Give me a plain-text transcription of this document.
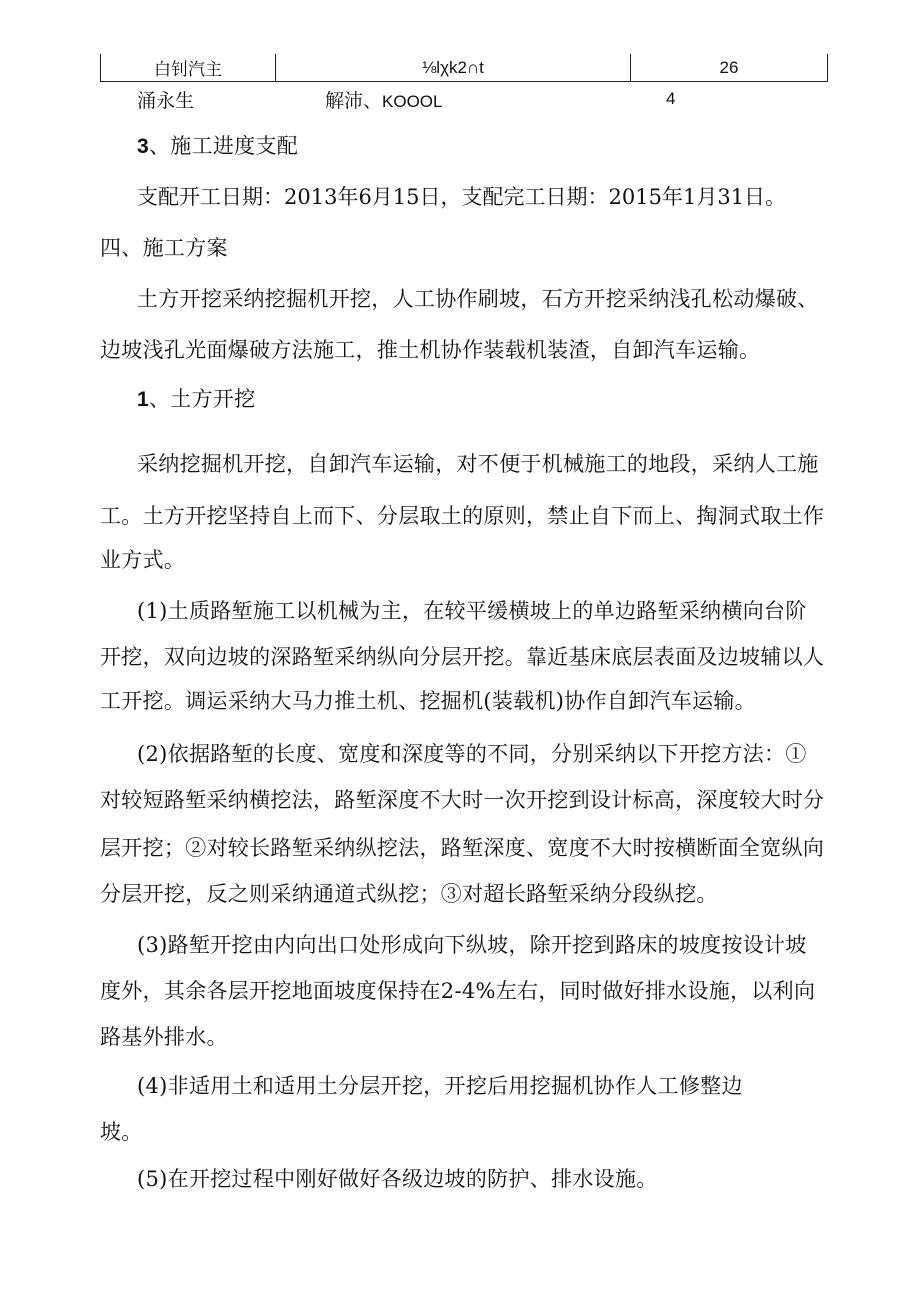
白钊汽主	⅛lχk2∩t	26
涌永生	解沛、KOOOL	4
3、施工进度支配
支配开工日期：2013年6月15日，支配完工日期：2015年1月31日。
四、施工方案
土方开挖采纳挖掘机开挖，人工协作刷坡，石方开挖采纳浅孔松动爆破、
边坡浅孔光面爆破方法施工，推土机协作装载机装渣，自卸汽车运输。
1、土方开挖
采纳挖掘机开挖，自卸汽车运输，对不便于机械施工的地段，采纳人工施
工。土方开挖坚持自上而下、分层取土的原则，禁止自下而上、掏洞式取土作
业方式。
(1)土质路堑施工以机械为主，在较平缓横坡上的单边路堑采纳横向台阶
开挖，双向边坡的深路堑采纳纵向分层开挖。靠近基床底层表面及边坡辅以人
工开挖。调运采纳大马力推土机、挖掘机(装载机)协作自卸汽车运输。
(2)依据路堑的长度、宽度和深度等的不同，分别采纳以下开挖方法：①
对较短路堑采纳横挖法，路堑深度不大时一次开挖到设计标高，深度较大时分
层开挖；②对较长路堑采纳纵挖法，路堑深度、宽度不大时按横断面全宽纵向
分层开挖，反之则采纳通道式纵挖；③对超长路堑采纳分段纵挖。
(3)路堑开挖由内向出口处形成向下纵坡，除开挖到路床的坡度按设计坡
度外，其余各层开挖地面坡度保持在2-4%左右，同时做好排水设施，以利向
路基外排水。
(4)非适用土和适用土分层开挖，开挖后用挖掘机协作人工修整边
坡。
(5)在开挖过程中刚好做好各级边坡的防护、排水设施。
